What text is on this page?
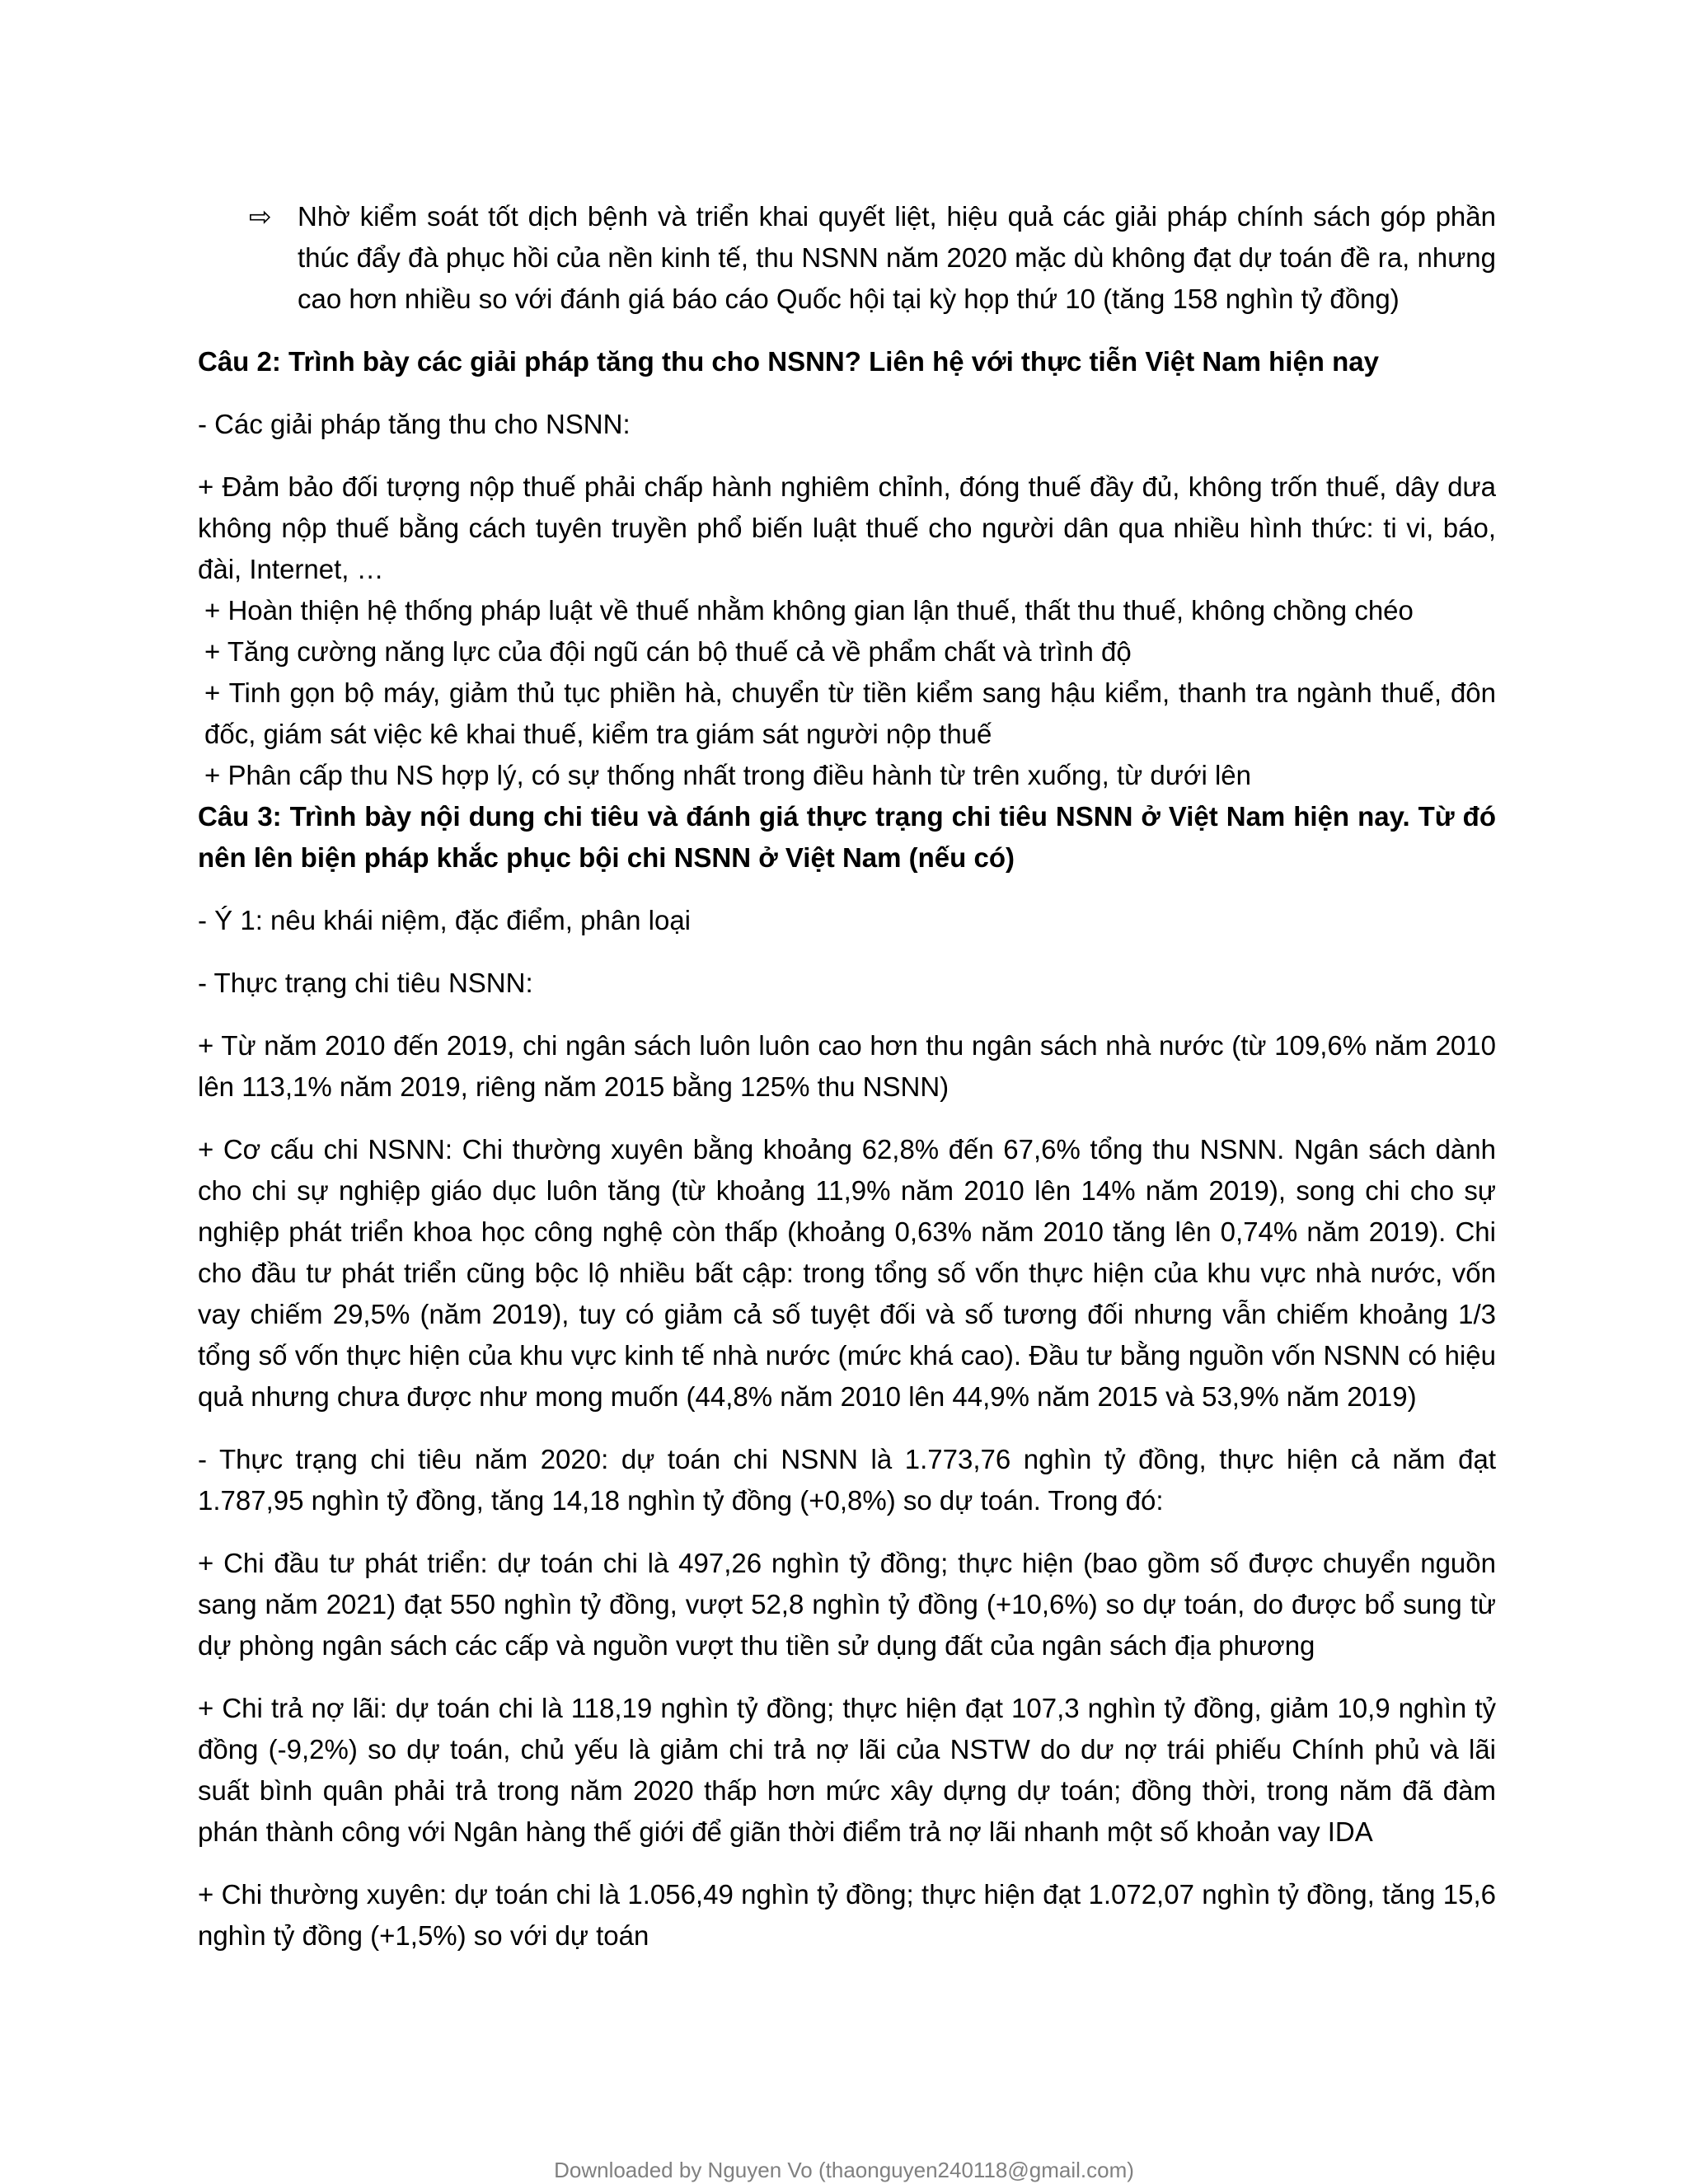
⇨ Nhờ kiểm soát tốt dịch bệnh và triển khai quyết liệt, hiệu quả các giải pháp chính sách góp phần thúc đẩy đà phục hồi của nền kinh tế, thu NSNN năm 2020 mặc dù không đạt dự toán đề ra, nhưng cao hơn nhiều so với đánh giá báo cáo Quốc hội tại kỳ họp thứ 10 (tăng 158 nghìn tỷ đồng)

Câu 2: Trình bày các giải pháp tăng thu cho NSNN? Liên hệ với thực tiễn Việt Nam hiện nay

- Các giải pháp tăng thu cho NSNN:

+ Đảm bảo đối tượng nộp thuế phải chấp hành nghiêm chỉnh, đóng thuế đầy đủ, không trốn thuế, dây dưa không nộp thuế bằng cách tuyên truyền phổ biến luật thuế cho người dân qua nhiều hình thức: ti vi, báo, đài, Internet, …

+ Hoàn thiện hệ thống pháp luật về thuế nhằm không gian lận thuế, thất thu thuế, không chồng chéo

+ Tăng cường năng lực của đội ngũ cán bộ thuế cả về phẩm chất và trình độ

+ Tinh gọn bộ máy, giảm thủ tục phiền hà, chuyển từ tiền kiểm sang hậu kiểm, thanh tra ngành thuế, đôn đốc, giám sát việc kê khai thuế, kiểm tra giám sát người nộp thuế

+ Phân cấp thu NS hợp lý, có sự thống nhất trong điều hành từ trên xuống, từ dưới lên

Câu 3: Trình bày nội dung chi tiêu và đánh giá thực trạng chi tiêu NSNN ở Việt Nam hiện nay. Từ đó nên lên biện pháp khắc phục bội chi NSNN ở Việt Nam (nếu có)

- Ý 1: nêu khái niệm, đặc điểm, phân loại

- Thực trạng chi tiêu NSNN:

+ Từ năm 2010 đến 2019, chi ngân sách luôn luôn cao hơn thu ngân sách nhà nước (từ 109,6% năm 2010 lên 113,1% năm 2019, riêng năm 2015 bằng 125% thu NSNN)

+ Cơ cấu chi NSNN: Chi thường xuyên bằng khoảng 62,8% đến 67,6% tổng thu NSNN. Ngân sách dành cho chi sự nghiệp giáo dục luôn tăng (từ khoảng 11,9% năm 2010 lên 14% năm 2019), song chi cho sự nghiệp phát triển khoa học công nghệ còn thấp (khoảng 0,63% năm 2010 tăng lên 0,74% năm 2019). Chi cho đầu tư phát triển cũng bộc lộ nhiều bất cập: trong tổng số vốn thực hiện của khu vực nhà nước, vốn vay chiếm 29,5% (năm 2019), tuy có giảm cả số tuyệt đối và số tương đối nhưng vẫn chiếm khoảng 1/3 tổng số vốn thực hiện của khu vực kinh tế nhà nước (mức khá cao). Đầu tư bằng nguồn vốn NSNN có hiệu quả nhưng chưa được như mong muốn (44,8% năm 2010 lên 44,9% năm 2015 và 53,9% năm 2019)

- Thực trạng chi tiêu năm 2020: dự toán chi NSNN là 1.773,76 nghìn tỷ đồng, thực hiện cả năm đạt 1.787,95 nghìn tỷ đồng, tăng 14,18 nghìn tỷ đồng (+0,8%) so dự toán. Trong đó:

+ Chi đầu tư phát triển: dự toán chi là 497,26 nghìn tỷ đồng; thực hiện (bao gồm số được chuyển nguồn sang năm 2021) đạt 550 nghìn tỷ đồng, vượt 52,8 nghìn tỷ đồng (+10,6%) so dự toán, do được bổ sung từ dự phòng ngân sách các cấp và nguồn vượt thu tiền sử dụng đất của ngân sách địa phương

+ Chi trả nợ lãi: dự toán chi là 118,19 nghìn tỷ đồng; thực hiện đạt 107,3 nghìn tỷ đồng, giảm 10,9 nghìn tỷ đồng (-9,2%) so dự toán, chủ yếu là giảm chi trả nợ lãi của NSTW do dư nợ trái phiếu Chính phủ và lãi suất bình quân phải trả trong năm 2020 thấp hơn mức xây dựng dự toán; đồng thời, trong năm đã đàm phán thành công với Ngân hàng thế giới để giãn thời điểm trả nợ lãi nhanh một số khoản vay IDA

+ Chi thường xuyên: dự toán chi là 1.056,49 nghìn tỷ đồng; thực hiện đạt 1.072,07 nghìn tỷ đồng, tăng 15,6 nghìn tỷ đồng (+1,5%) so với dự toán

Downloaded by Nguyen Vo (thaonguyen240118@gmail.com)
